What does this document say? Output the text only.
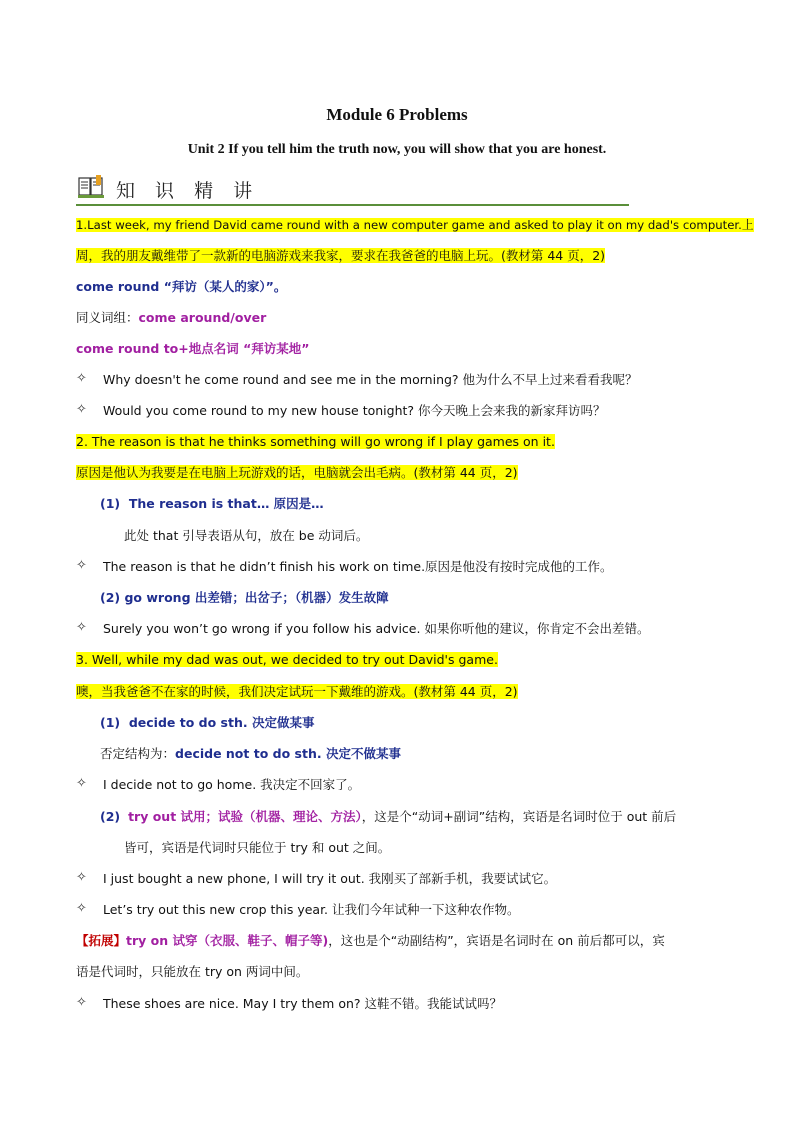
Module 6 Problems
Unit 2 If you tell him the truth now, you will show that you are honest.
知 识 精 讲
1.Last week, my friend David came round with a new computer game and asked to play it on my dad's computer.上
周，我的朋友戴维带了一款新的电脑游戏来我家，要求在我爸爸的电脑上玩。(教材第 44 页，2)
come round “拜访（某人的家）”。
同义词组：come around/over
come round to+地点名词 “拜访某地”
✧ Why doesn't he come round and see me in the morning? 他为什么不早上过来看看我呢？
✧ Would you come round to my new house tonight? 你今天晚上会来我的新家拜访吗？
2. The reason is that he thinks something will go wrong if I play games on it.
原因是他认为我要是在电脑上玩游戏的话，电脑就会出毛病。(教材第 44 页，2)
(1) The reason is that… 原因是…
此处 that 引导表语从句，放在 be 动词后。
✧ The reason is that he didn’t finish his work on time.原因是他没有按时完成他的工作。
(2) go wrong 出差错；出岔子；（机器）发生故障
✧ Surely you won’t go wrong if you follow his advice. 如果你听他的建议，你肯定不会出差错。
3. Well, while my dad was out, we decided to try out David's game.
噢，当我爸爸不在家的时候，我们决定试玩一下戴维的游戏。(教材第 44 页，2)
(1) decide to do sth. 决定做某事
否定结构为：decide not to do sth. 决定不做某事
✧ I decide not to go home. 我决定不回家了。
(2) try out 试用；试验（机器、理论、方法），这是个“动词+副词”结构，宾语是名词时位于 out 前后
皆可，宾语是代词时只能位于 try 和 out 之间。
✧ I just bought a new phone, I will try it out. 我刚买了部新手机，我要试试它。
✧ Let’s try out this new crop this year. 让我们今年试种一下这种农作物。
【拓展】try on 试穿（衣服、鞋子、帽子等)，这也是个“动副结构”，宾语是名词时在 on 前后都可以，宾
语是代词时，只能放在 try on 两词中间。
✧ These shoes are nice. May I try them on? 这鞋不错。我能试试吗？
